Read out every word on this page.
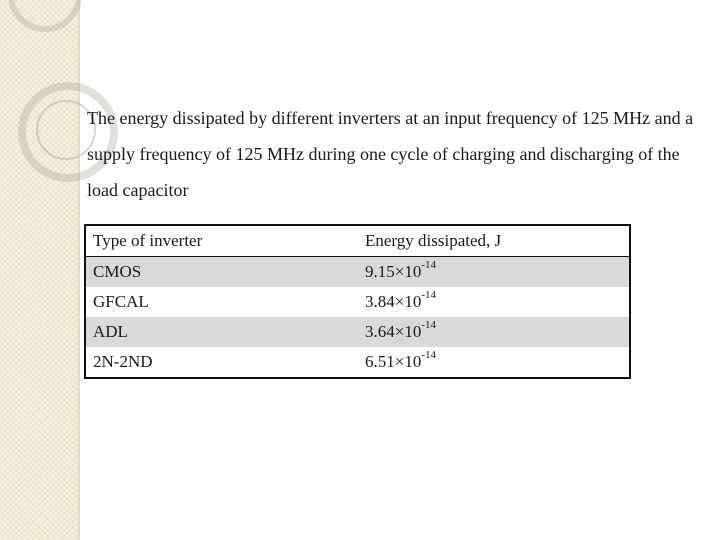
The energy dissipated by different inverters at an input frequency of 125 MHz and a supply frequency of 125 MHz during one cycle of charging and discharging of the load capacitor

Type of inverter	Energy dissipated, J
CMOS	$9.15\times 10^{-14}$
GFCAL	$3.84\times 10^{-14}$
ADL	$3.64\times 10^{-14}$
2N-2ND	$6.51\times 10^{-14}$
